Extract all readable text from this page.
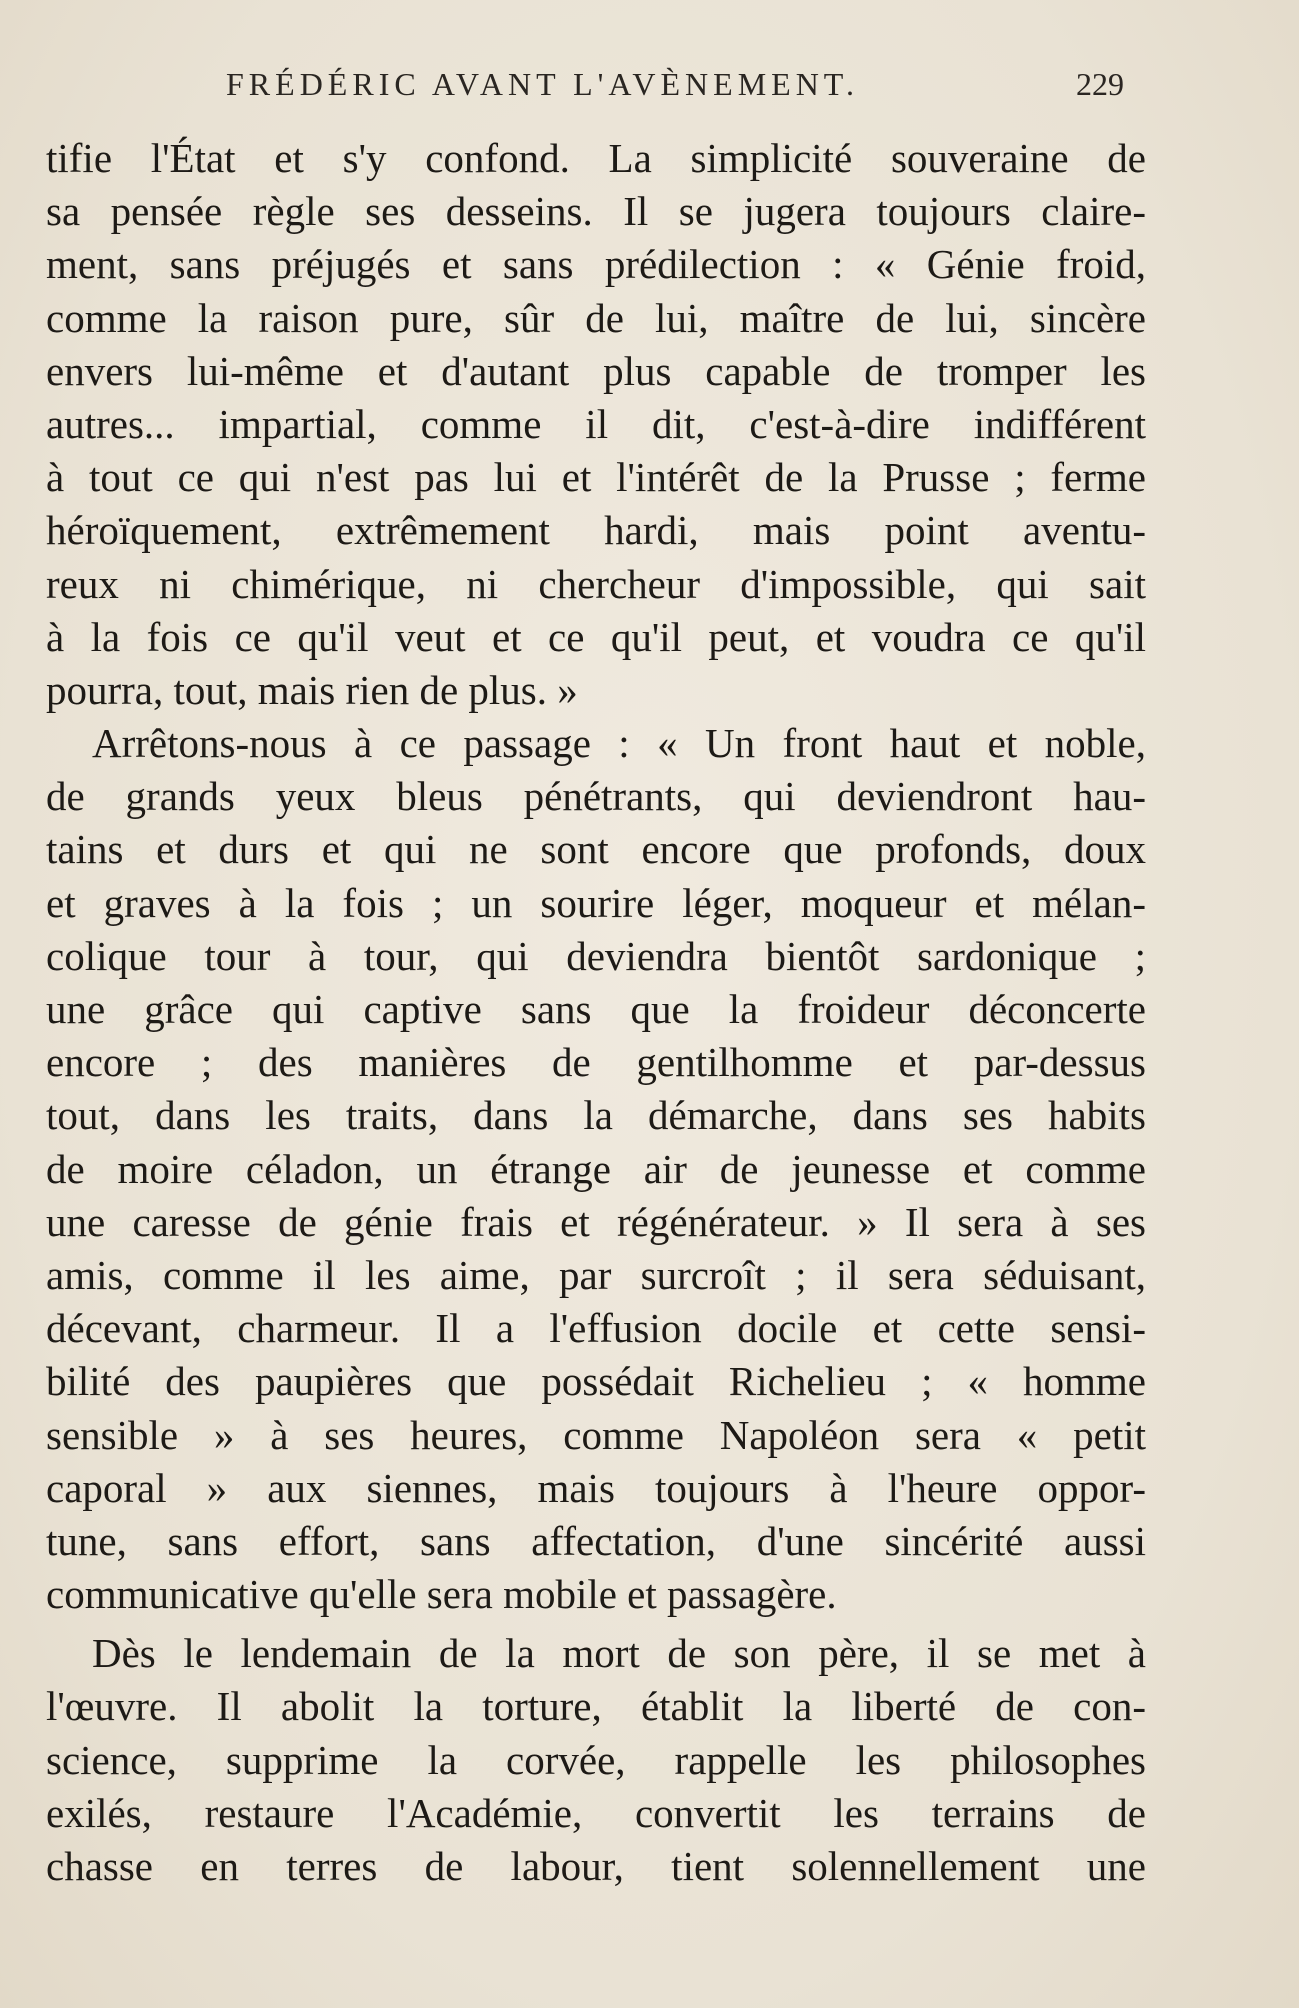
FRÉDÉRIC AVANT L'AVÈNEMENT.	229
tifie l'État et s'y confond. La simplicité souveraine de
sa pensée règle ses desseins. Il se jugera toujours claire-
ment, sans préjugés et sans prédilection : « Génie froid,
comme la raison pure, sûr de lui, maître de lui, sincère
envers lui-même et d'autant plus capable de tromper les
autres... impartial, comme il dit, c'est-à-dire indifférent
à tout ce qui n'est pas lui et l'intérêt de la Prusse ; ferme
héroïquement, extrêmement hardi, mais point aventu-
reux ni chimérique, ni chercheur d'impossible, qui sait
à la fois ce qu'il veut et ce qu'il peut, et voudra ce qu'il
pourra, tout, mais rien de plus. »
Arrêtons-nous à ce passage : « Un front haut et noble,
de grands yeux bleus pénétrants, qui deviendront hau-
tains et durs et qui ne sont encore que profonds, doux
et graves à la fois ; un sourire léger, moqueur et mélan-
colique tour à tour, qui deviendra bientôt sardonique ;
une grâce qui captive sans que la froideur déconcerte
encore ; des manières de gentilhomme et par-dessus
tout, dans les traits, dans la démarche, dans ses habits
de moire céladon, un étrange air de jeunesse et comme
une caresse de génie frais et régénérateur. » Il sera à ses
amis, comme il les aime, par surcroît ; il sera séduisant,
décevant, charmeur. Il a l'effusion docile et cette sensi-
bilité des paupières que possédait Richelieu ; « homme
sensible » à ses heures, comme Napoléon sera « petit
caporal » aux siennes, mais toujours à l'heure oppor-
tune, sans effort, sans affectation, d'une sincérité aussi
communicative qu'elle sera mobile et passagère.
Dès le lendemain de la mort de son père, il se met à
l'œuvre. Il abolit la torture, établit la liberté de con-
science, supprime la corvée, rappelle les philosophes
exilés, restaure l'Académie, convertit les terrains de
chasse en terres de labour, tient solennellement une
